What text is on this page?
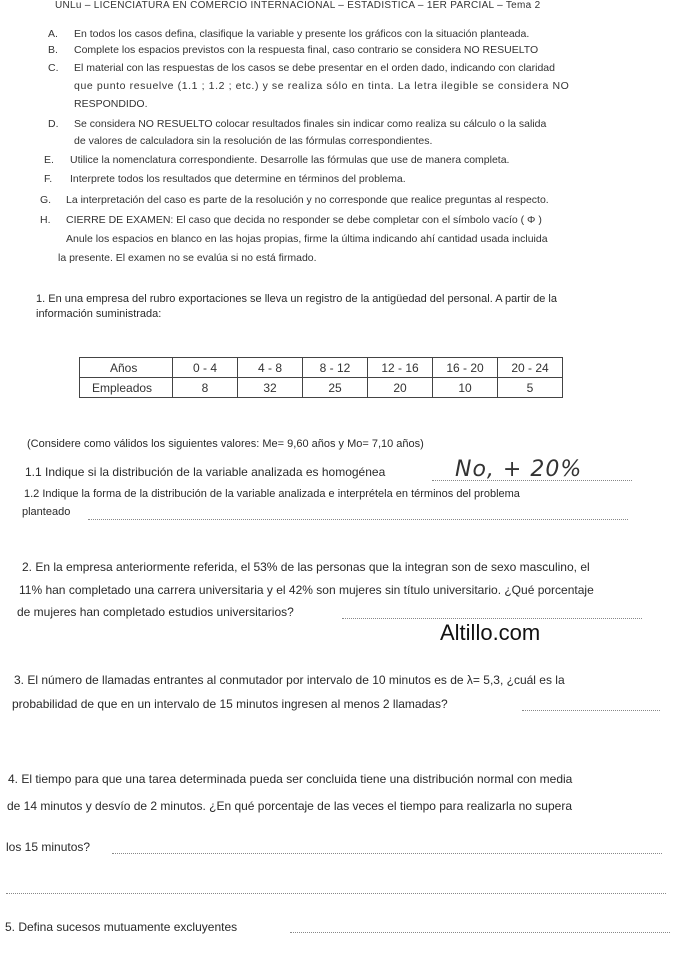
UNLu – LICENCIATURA EN COMERCIO INTERNACIONAL – ESTADISTICA – 1ER PARCIAL – Tema 2
A. En todos los casos defina, clasifique la variable y presente los gráficos con la situación planteada.
B. Complete los espacios previstos con la respuesta final, caso contrario se considera NO RESUELTO
C. El material con las respuestas de los casos se debe presentar en el orden dado, indicando con claridad
que punto resuelve (1.1 ; 1.2 ; etc.) y se realiza sólo en tinta. La letra ilegible se considera NO
RESPONDIDO.
D. Se considera NO RESUELTO colocar resultados finales sin indicar como realiza su cálculo o la salida
de valores de calculadora sin la resolución de las fórmulas correspondientes.
E. Utilice la nomenclatura correspondiente. Desarrolle las fórmulas que use de manera completa.
F. Interprete todos los resultados que determine en términos del problema.
G. La interpretación del caso es parte de la resolución y no corresponde que realice preguntas al respecto.
H. CIERRE DE EXAMEN: El caso que decida no responder se debe completar con el símbolo vacío ( Φ )
Anule los espacios en blanco en las hojas propias, firme la última indicando ahí cantidad usada incluida
la presente. El examen no se evalúa si no está firmado.
1. En una empresa del rubro exportaciones se lleva un registro de la antigüedad del personal. A partir de la
información suministrada:
Años	0 - 4	4 - 8	8 - 12	12 - 16	16 - 20	20 - 24
Empleados	8	32	25	20	10	5
(Considere como válidos los siguientes valores: Me= 9,60 años y Mo= 7,10 años)
1.1 Indique si la distribución de la variable analizada es homogénea	No, + 20%
1.2 Indique la forma de la distribución de la variable analizada e interprétela en términos del problema
planteado
2. En la empresa anteriormente referida, el 53% de las personas que la integran son de sexo masculino, el
11% han completado una carrera universitaria y el 42% son mujeres sin título universitario. ¿Qué porcentaje
de mujeres han completado estudios universitarios?
Altillo.com
3. El número de llamadas entrantes al conmutador por intervalo de 10 minutos es de λ= 5,3, ¿cuál es la
probabilidad de que en un intervalo de 15 minutos ingresen al menos 2 llamadas?
4. El tiempo para que una tarea determinada pueda ser concluida tiene una distribución normal con media
de 14 minutos y desvío de 2 minutos. ¿En qué porcentaje de las veces el tiempo para realizarla no supera
los 15 minutos?
5. Defina sucesos mutuamente excluyentes
